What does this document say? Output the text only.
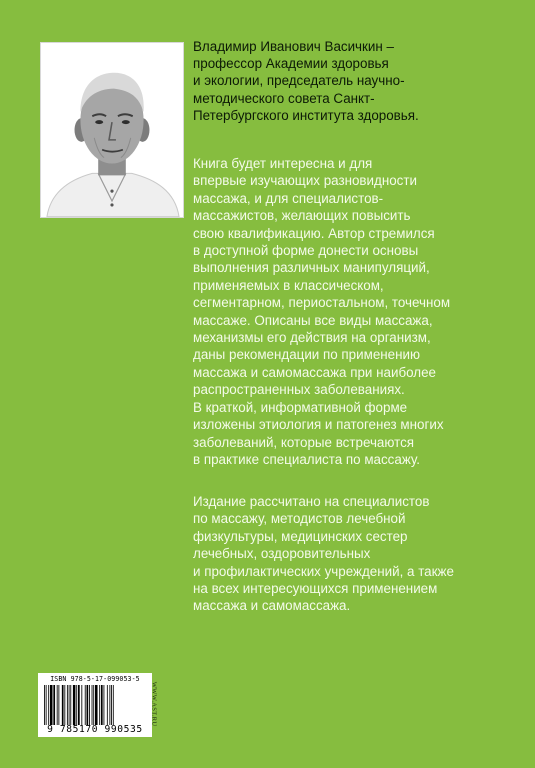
Владимир Иванович Васичкин –
профессор Академии здоровья
и экологии, председатель научно-
методического совета Санкт-
Петербургского института здоровья.

Книга будет интересна и для
впервые изучающих разновидности
массажа, и для специалистов-
массажистов, желающих повысить
свою квалификацию. Автор стремился
в доступной форме донести основы
выполнения различных манипуляций,
применяемых в классическом,
сегментарном, периостальном, точечном
массаже. Описаны все виды массажа,
механизмы его действия на организм,
даны рекомендации по применению
массажа и самомассажа при наиболее
распространенных заболеваниях.
В краткой, информативной форме
изложены этиология и патогенез многих
заболеваний, которые встречаются
в практике специалиста по массажу.

Издание рассчитано на специалистов
по массажу, методистов лечебной
физкультуры, медицинских сестер
лечебных, оздоровительных
и профилактических учреждений, а также
на всех интересующихся применением
массажа и самомассажа.

ISBN 978-5-17-099053-5
9 785170 990535
WWW.AST.RU
